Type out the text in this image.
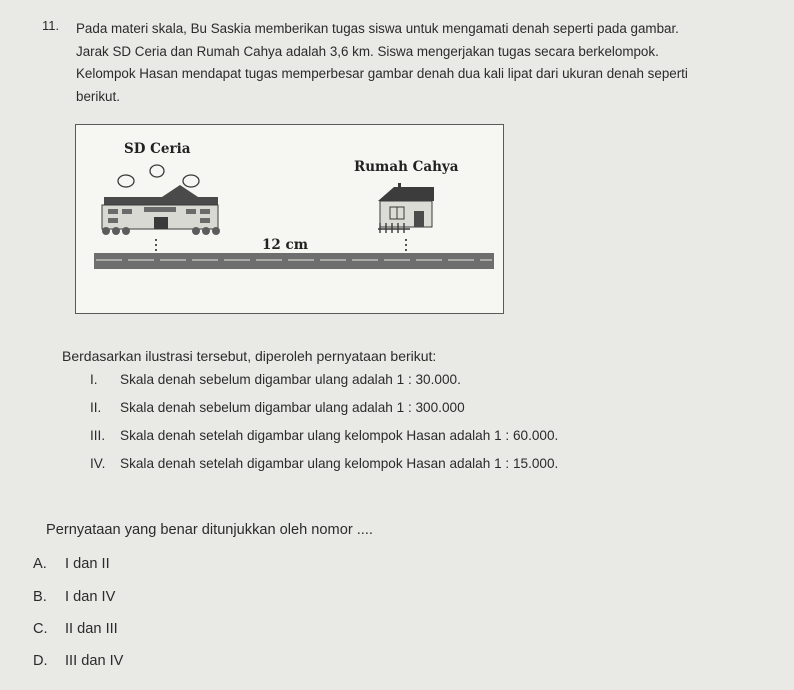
11. Pada materi skala, Bu Saskia memberikan tugas siswa untuk mengamati denah seperti pada gambar.
Jarak SD Ceria dan Rumah Cahya adalah 3,6 km. Siswa mengerjakan tugas secara berkelompok.
Kelompok Hasan mendapat tugas memperbesar gambar denah dua kali lipat dari ukuran denah seperti
berikut.
SD Ceria
Rumah Cahya
12 cm
Berdasarkan ilustrasi tersebut, diperoleh pernyataan berikut:
I.	Skala denah sebelum digambar ulang adalah 1 : 30.000.
II.	Skala denah sebelum digambar ulang adalah 1 : 300.000
III.	Skala denah setelah digambar ulang kelompok Hasan adalah 1 : 60.000.
IV.	Skala denah setelah digambar ulang kelompok Hasan adalah 1 : 15.000.
Pernyataan yang benar ditunjukkan oleh nomor ....
A. I dan II
B. I dan IV
C. II dan III
D. III dan IV
